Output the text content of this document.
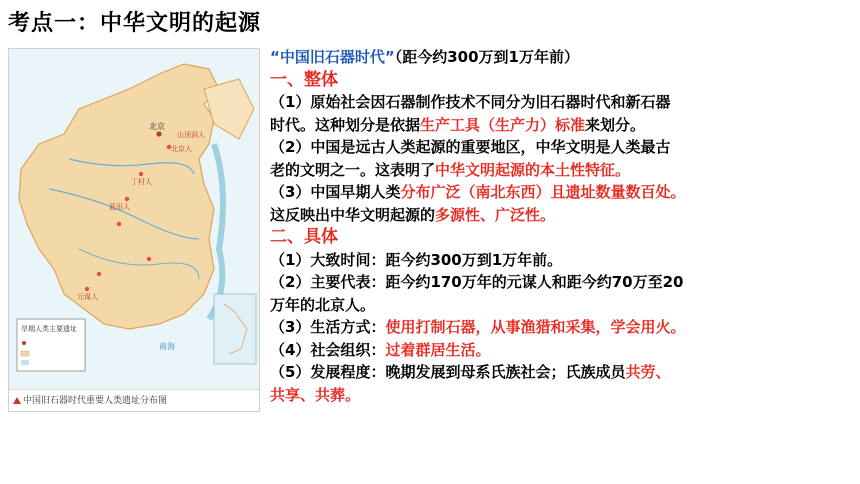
考点一：中华文明的起源
北京
北京人
丁村人
蓝田人
元谋人
山顶洞人
南海
旱期人类主要遗址
中国旧石器时代重要人类遗址分布图
“中国旧石器时代”（距今约300万到1万年前）
一、整体
（1）原始社会因石器制作技术不同分为旧石器时代和新石器
时代。这种划分是依据生产工具（生产力）标准来划分。
（2）中国是远古人类起源的重要地区，中华文明是人类最古
老的文明之一。这表明了中华文明起源的本土性特征。
（3）中国早期人类分布广泛（南北东西）且遗址数量数百处。
这反映出中华文明起源的多源性、广泛性。
二、具体
（1）大致时间：距今约300万到1万年前。
（2）主要代表：距今约170万年的元谋人和距今约70万至20
万年的北京人。
（3）生活方式：使用打制石器，从事渔猎和采集，学会用火。
（4）社会组织：过着群居生活。
（5）发展程度：晚期发展到母系氏族社会；氏族成员共劳、
共享、共葬。
